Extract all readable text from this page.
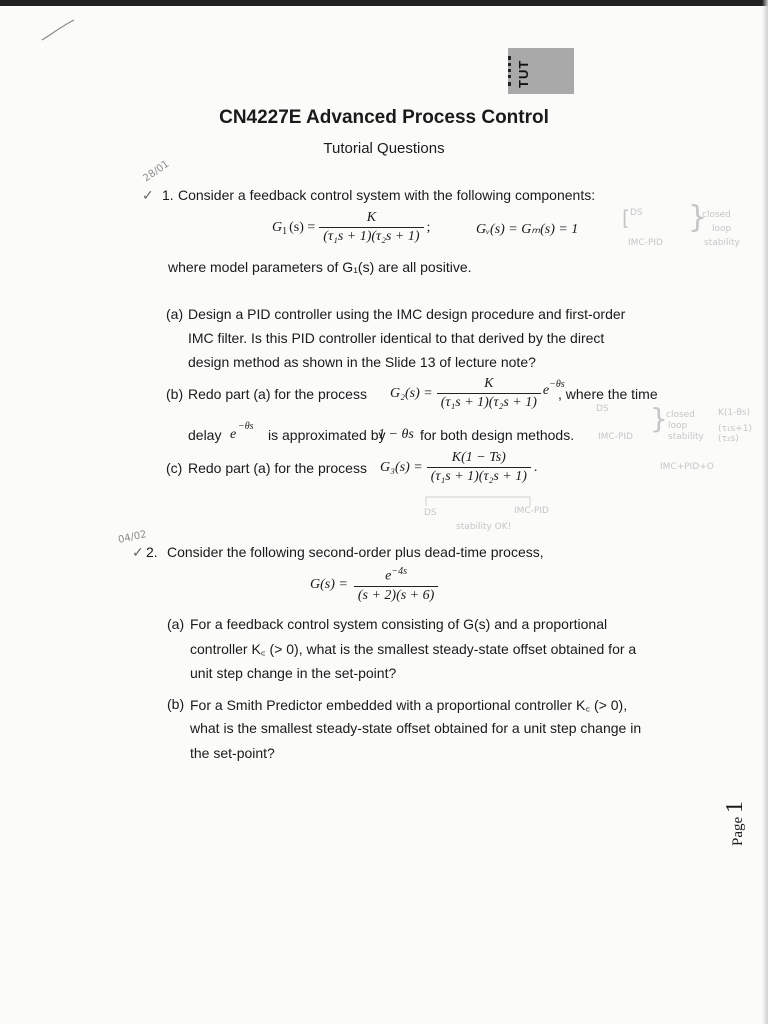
TUT
CN4227E Advanced Process Control
Tutorial Questions
28/01
✓ 1. Consider a feedback control system with the following components:
G 1 $(s) = \frac{K}{\text{(τ₁s + 1)(τ₂s + 1)}}$ ;	Gᵥ(s) = Gₘ(s) = 1
where model parameters of G₁(s) are all positive.
[ DS
IMC-PID
}
closed
loop
stability
(a) Design a PID controller using the IMC design procedure and first-order
IMC filter. Is this PID controller identical to that derived by the direct
design method as shown in the Slide 13 of lecture note?
(b) Redo part (a) for the process $G_2(s) = \frac{K}{\text{(τ₁s + 1)(τ₂s + 1)}}$ e −θs
, where the time
delay e
−θs
is approximated by
1 − θs for both design methods.
DS
IMC-PID
}
closed
loop
stability
K(1-θs)
(τ₁s+1)(τ₂s)
IMC+PID+O
(c) Redo part (a) for the process $G_3(s) = \frac{K(1 - Ts)}{\text{(τ₁s + 1)(τ₂s + 1)}}$ .
DS	IMC-PID
stability OK!
04/02
✓ 2. Consider the following second-order plus dead-time process,
$G(s) = \frac{e^{-4s}}{(s + 2)(s + 6)}$
(a) For a feedback control system consisting of G(s) and a proportional
controller K꜀ (> 0), what is the smallest steady-state offset obtained for a
unit step change in the set-point?
(b) For a Smith Predictor embedded with a proportional controller K꜀ (> 0),
what is the smallest steady-state offset obtained for a unit step change in
the set-point?
Page 1
